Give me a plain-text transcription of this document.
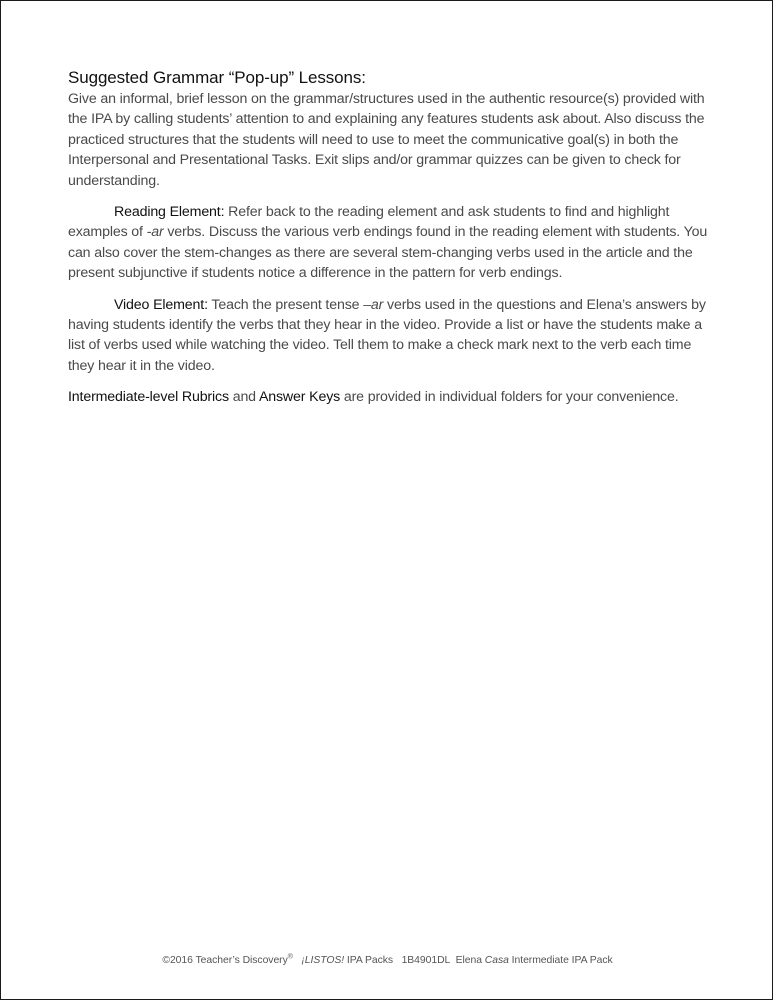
Suggested Grammar “Pop-up” Lessons:

Give an informal, brief lesson on the grammar/structures used in the authentic resource(s) provided with the IPA by calling students’ attention to and explaining any features students ask about. Also discuss the practiced structures that the students will need to use to meet the communicative goal(s) in both the Interpersonal and Presentational Tasks. Exit slips and/or grammar quizzes can be given to check for understanding.

Reading Element: Refer back to the reading element and ask students to find and highlight examples of -ar verbs. Discuss the various verb endings found in the reading element with students. You can also cover the stem-changes as there are several stem-changing verbs used in the article and the present subjunctive if students notice a difference in the pattern for verb endings.

Video Element: Teach the present tense –ar verbs used in the questions and Elena’s answers by having students identify the verbs that they hear in the video. Provide a list or have the students make a list of verbs used while watching the video. Tell them to make a check mark next to the verb each time they hear it in the video.

Intermediate-level Rubrics and Answer Keys are provided in individual folders for your convenience.

©2016 Teacher’s Discovery® ¡LISTOS! IPA Packs 1B4901DL Elena Casa Intermediate IPA Pack
